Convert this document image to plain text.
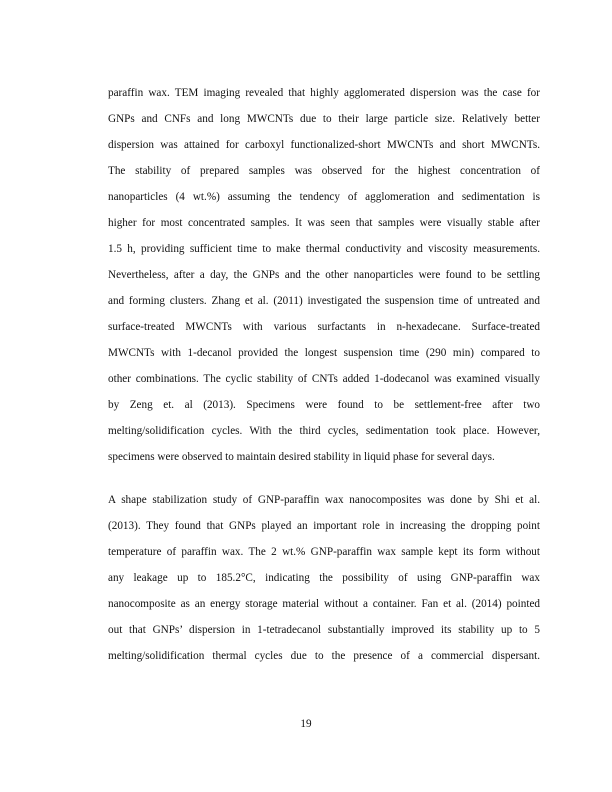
paraffin wax. TEM imaging revealed that highly agglomerated dispersion was the case for
GNPs and CNFs and long MWCNTs due to their large particle size. Relatively better
dispersion was attained for carboxyl functionalized-short MWCNTs and short MWCNTs.
The stability of prepared samples was observed for the highest concentration of
nanoparticles (4 wt.%) assuming the tendency of agglomeration and sedimentation is
higher for most concentrated samples. It was seen that samples were visually stable after
1.5 h, providing sufficient time to make thermal conductivity and viscosity measurements.
Nevertheless, after a day, the GNPs and the other nanoparticles were found to be settling
and forming clusters. Zhang et al. (2011) investigated the suspension time of untreated and
surface-treated MWCNTs with various surfactants in n-hexadecane. Surface-treated
MWCNTs with 1-decanol provided the longest suspension time (290 min) compared to
other combinations. The cyclic stability of CNTs added 1-dodecanol was examined visually
by Zeng et. al (2013). Specimens were found to be settlement-free after two
melting/solidification cycles. With the third cycles, sedimentation took place. However,
specimens were observed to maintain desired stability in liquid phase for several days.
A shape stabilization study of GNP-paraffin wax nanocomposites was done by Shi et al.
(2013). They found that GNPs played an important role in increasing the dropping point
temperature of paraffin wax. The 2 wt.% GNP-paraffin wax sample kept its form without
any leakage up to 185.2°C, indicating the possibility of using GNP-paraffin wax
nanocomposite as an energy storage material without a container. Fan et al. (2014) pointed
out that GNPs’ dispersion in 1-tetradecanol substantially improved its stability up to 5
melting/solidification thermal cycles due to the presence of a commercial dispersant.
19
